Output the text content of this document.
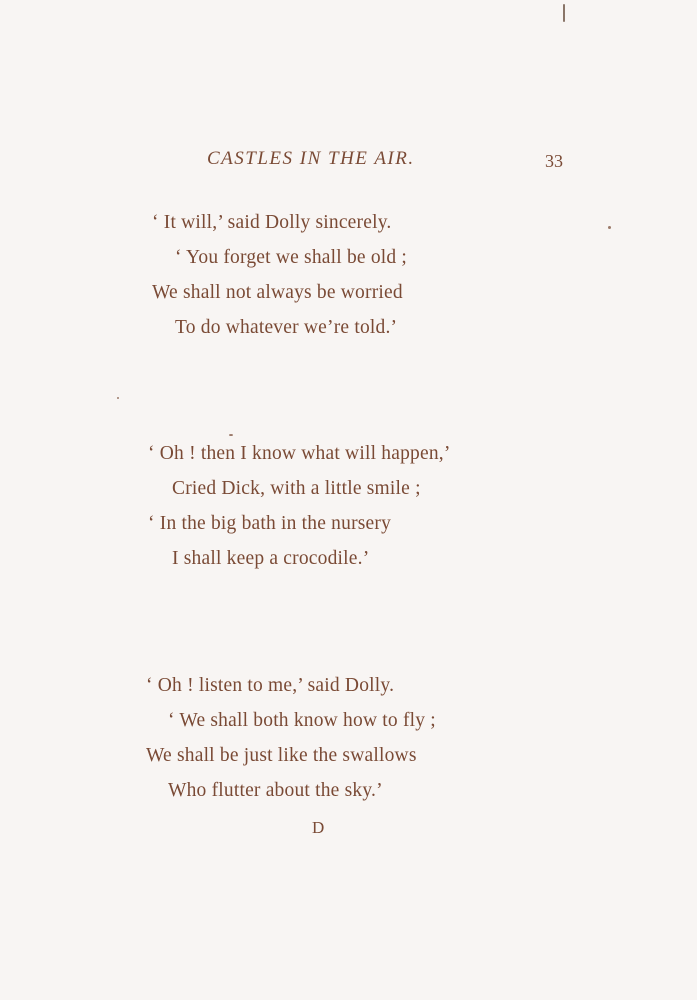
CASTLES IN THE AIR.	33
‘ It will,’ said Dolly sincerely.
‘ You forget we shall be old ;
We shall not always be worried
To do whatever we’re told.’
‘ Oh ! then I know what will happen,’
Cried Dick, with a little smile ;
‘ In the big bath in the nursery
I shall keep a crocodile.’
‘ Oh ! listen to me,’ said Dolly.
‘ We shall both know how to fly ;
We shall be just like the swallows
Who flutter about the sky.’
D
